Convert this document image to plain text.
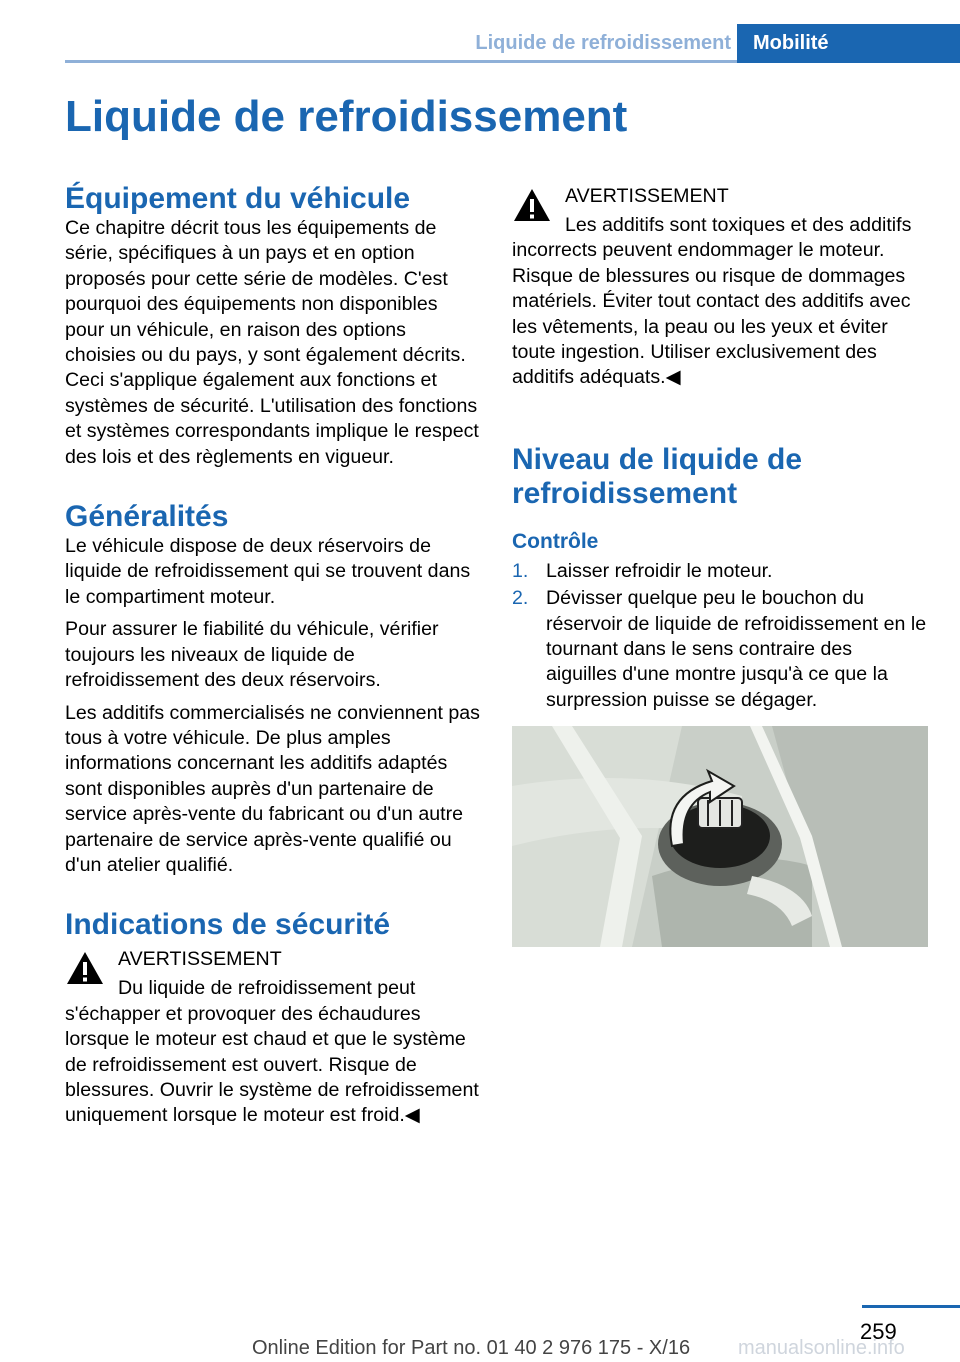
Liquide de refroidissement	Mobilité
Liquide de refroidissement
Équipement du véhicule

Ce chapitre décrit tous les équipements de série, spécifiques à un pays et en option proposés pour cette série de modèles. C'est pourquoi des équipements non disponibles pour un véhicule, en raison des options choisies ou du pays, y sont également décrits. Ceci s'applique également aux fonctions et systèmes de sécurité. L'utilisation des fonctions et systèmes correspondants implique le respect des lois et des règlements en vigueur.

Généralités

Le véhicule dispose de deux réservoirs de liquide de refroidissement qui se trouvent dans le compartiment moteur.

Pour assurer le fiabilité du véhicule, vérifier toujours les niveaux de liquide de refroidissement des deux réservoirs.

Les additifs commercialisés ne conviennent pas tous à votre véhicule. De plus amples informations concernant les additifs adaptés sont disponibles auprès d'un partenaire de service après-vente du fabricant ou d'un autre partenaire de service après-vente qualifié ou d'un atelier qualifié.

Indications de sécurité
AVERTISSEMENT
Du liquide de refroidissement peut s'échapper et provoquer des échaudures lorsque le moteur est chaud et que le système de refroidissement est ouvert. Risque de blessures. Ouvrir le système de refroidissement uniquement lorsque le moteur est froid.◀
AVERTISSEMENT
Les additifs sont toxiques et des additifs incorrects peuvent endommager le moteur. Risque de blessures ou risque de dommages matériels. Éviter tout contact des additifs avec les vêtements, la peau ou les yeux et éviter toute ingestion. Utiliser exclusivement des additifs adéquats.◀
Niveau de liquide de refroidissement
Contrôle
1. Laisser refroidir le moteur.
2. Dévisser quelque peu le bouchon du réservoir de liquide de refroidissement en le tournant dans le sens contraire des aiguilles d'une montre jusqu'à ce que la surpression puisse se dégager.
259
Online Edition for Part no. 01 40 2 976 175 - X/16 manualsonline.info
